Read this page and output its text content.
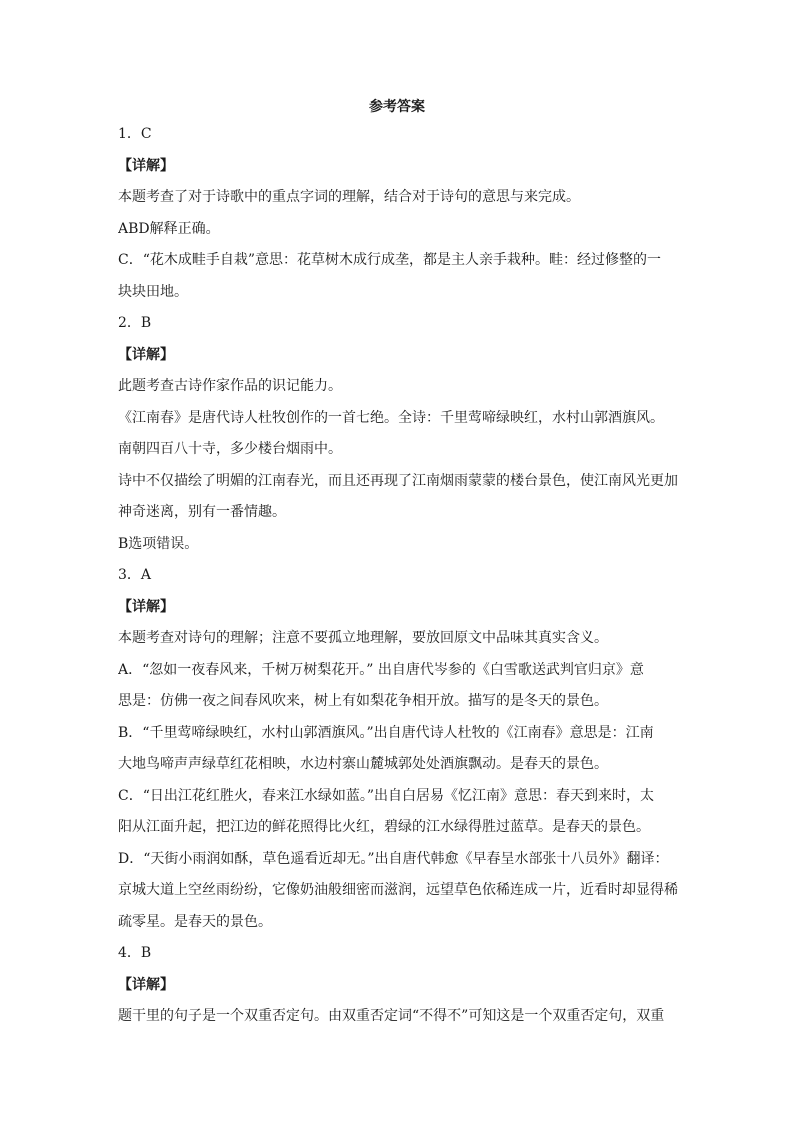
参考答案
1．C
【详解】
本题考查了对于诗歌中的重点字词的理解，结合对于诗句的意思与来完成。
ABD解释正确。
C．“花木成畦手自栽”意思：花草树木成行成垄，都是主人亲手栽种。畦：经过修整的一
块块田地。
2．B
【详解】
此题考查古诗作家作品的识记能力。
《江南春》是唐代诗人杜牧创作的一首七绝。全诗：千里莺啼绿映红，水村山郭酒旗风。
南朝四百八十寺，多少楼台烟雨中。
诗中不仅描绘了明媚的江南春光，而且还再现了江南烟雨蒙蒙的楼台景色，使江南风光更加
神奇迷离，别有一番情趣。
B选项错误。
3．A
【详解】
本题考查对诗句的理解；注意不要孤立地理解，要放回原文中品味其真实含义。
A．“忽如一夜春风来，千树万树梨花开。” 出自唐代岑参的《白雪歌送武判官归京》意
思是：仿佛一夜之间春风吹来，树上有如梨花争相开放。描写的是冬天的景色。
B．“千里莺啼绿映红，水村山郭酒旗风。”出自唐代诗人杜牧的《江南春》意思是：江南
大地鸟啼声声绿草红花相映，水边村寨山麓城郭处处酒旗飘动。是春天的景色。
C．“日出江花红胜火，春来江水绿如蓝。”出自白居易《忆江南》意思：春天到来时，太
阳从江面升起，把江边的鲜花照得比火红，碧绿的江水绿得胜过蓝草。是春天的景色。
D．“天街小雨润如酥，草色遥看近却无。”出自唐代韩愈《早春呈水部张十八员外》翻译：
京城大道上空丝雨纷纷，它像奶油般细密而滋润，远望草色依稀连成一片，近看时却显得稀
疏零星。是春天的景色。
4．B
【详解】
题干里的句子是一个双重否定句。由双重否定词“不得不”可知这是一个双重否定句，双重
